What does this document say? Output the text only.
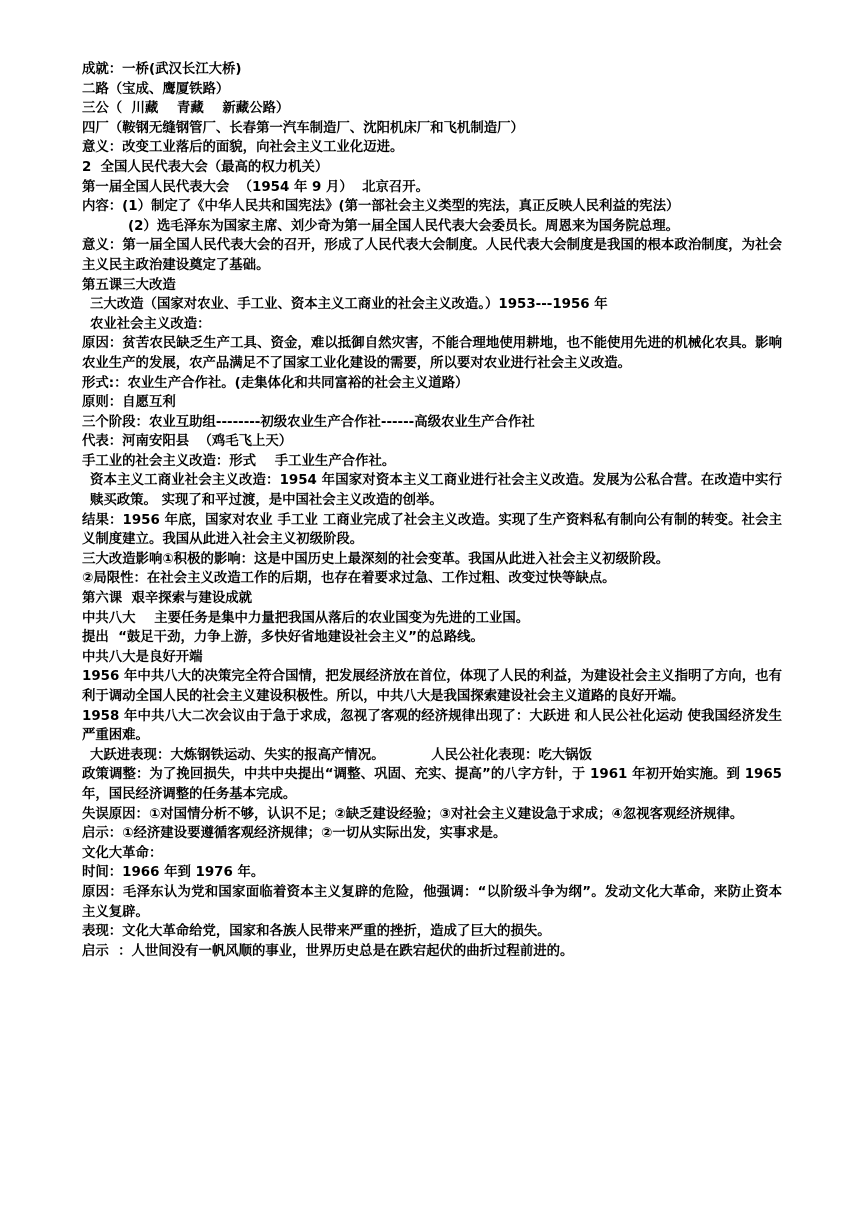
成就：一桥(武汉长江大桥)

二路（宝成、鹰厦铁路）

三公（  川藏    青藏    新藏公路）

四厂（鞍钢无缝钢管厂、长春第一汽车制造厂、沈阳机床厂和飞机制造厂）

意义：改变工业落后的面貌，向社会主义工业化迈进。

2  全国人民代表大会（最高的权力机关）

第一届全国人民代表大会  （1954 年 9 月）  北京召开。

内容：(1）制定了《中华人民共和国宪法》(第一部社会主义类型的宪法，真正反映人民利益的宪法）

(2）选毛泽东为国家主席、刘少奇为第一届全国人民代表大会委员长。周恩来为国务院总理。

意义：第一届全国人民代表大会的召开，形成了人民代表大会制度。人民代表大会制度是我国的根本政治制度，为社会主义民主政治建设奠定了基础。

第五课三大改造

三大改造（国家对农业、手工业、资本主义工商业的社会主义改造。）1953---1956 年

农业社会主义改造：

原因：贫苦农民缺乏生产工具、资金，难以抵御自然灾害，不能合理地使用耕地，也不能使用先进的机械化农具。影响农业生产的发展，农产品满足不了国家工业化建设的需要，所以要对农业进行社会主义改造。

形式:：农业生产合作社。(走集体化和共同富裕的社会主义道路）

原则：自愿互利

三个阶段：农业互助组--------初级农业生产合作社------高级农业生产合作社

代表：河南安阳县  （鸡毛飞上天）

手工业的社会主义改造：形式    手工业生产合作社。

资本主义工商业社会主义改造：1954 年国家对资本主义工商业进行社会主义改造。发展为公私合营。在改造中实行赎买政策。 实现了和平过渡，是中国社会主义改造的创举。

结果：1956 年底，国家对农业 手工业 工商业完成了社会主义改造。实现了生产资料私有制向公有制的转变。社会主义制度建立。我国从此进入社会主义初级阶段。

三大改造影响①积极的影响：这是中国历史上最深刻的社会变革。我国从此进入社会主义初级阶段。

②局限性：在社会主义改造工作的后期，也存在着要求过急、工作过粗、改变过快等缺点。

第六课  艰辛探索与建设成就

中共八大    主要任务是集中力量把我国从落后的农业国变为先进的工业国。

提出  “鼓足干劲，力争上游，多快好省地建设社会主义”的总路线。

中共八大是良好开端

1956 年中共八大的决策完全符合国情，把发展经济放在首位，体现了人民的利益，为建设社会主义指明了方向，也有利于调动全国人民的社会主义建设积极性。所以，中共八大是我国探索建设社会主义道路的良好开端。

1958 年中共八大二次会议由于急于求成，忽视了客观的经济规律出现了：大跃进 和人民公社化运动 使我国经济发生严重困难。

大跃进表现：大炼钢铁运动、失实的报高产情况。          人民公社化表现：吃大锅饭

政策调整：为了挽回损失，中共中央提出“调整、巩固、充实、提高”的八字方针，于 1961 年初开始实施。到 1965 年，国民经济调整的任务基本完成。

失误原因：①对国情分析不够，认识不足；②缺乏建设经验；③对社会主义建设急于求成；④忽视客观经济规律。

启示：①经济建设要遵循客观经济规律；②一切从实际出发，实事求是。

文化大革命：

时间：1966 年到 1976 年。

原因：毛泽东认为党和国家面临着资本主义复辟的危险，他强调：“以阶级斗争为纲”。发动文化大革命，来防止资本主义复辟。

表现：文化大革命给党，国家和各族人民带来严重的挫折，造成了巨大的损失。

启示  ：人世间没有一帆风顺的事业，世界历史总是在跌宕起伏的曲折过程前进的。
